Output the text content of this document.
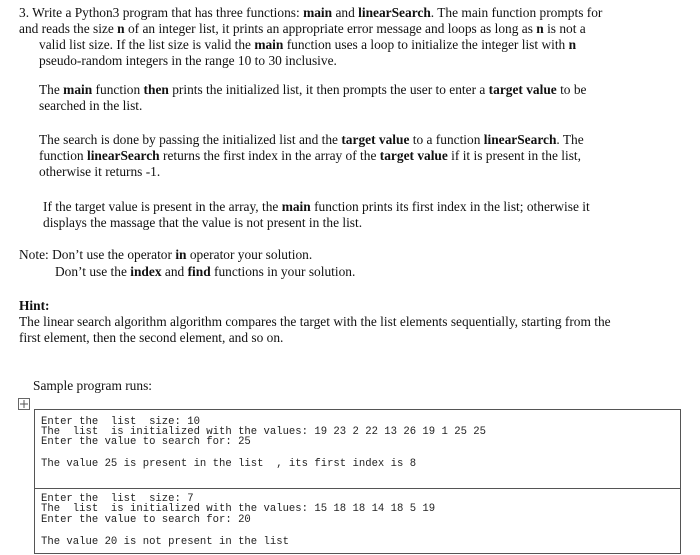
3. Write a Python3 program that has three functions: main and linearSearch. The main function prompts for
and reads the size n of an integer list, it prints an appropriate error message and loops as long as n is not a
valid list size. If the list size is valid the main function uses a loop to initialize the integer list with n
pseudo-random integers in the range 10 to 30 inclusive.
The main function then prints the initialized list, it then prompts the user to enter a target value to be
searched in the list.
The search is done by passing the initialized list and the target value to a function linearSearch. The
function linearSearch returns the first index in the array of the target value if it is present in the list,
otherwise it returns -1.
If the target value is present in the array, the main function prints its first index in the list; otherwise it
displays the massage that the value is not present in the list.
Note: Don’t use the operator in operator your solution.
Don’t use the index and find functions in your solution.
Hint:
The linear search algorithm algorithm compares the target with the list elements sequentially, starting from the
first element, then the second element, and so on.
Sample program runs:
Enter the  list  size: 10
The  list  is initialized with the values: 19 23 2 22 13 26 19 1 25 25
Enter the value to search for: 25
The value 25 is present in the list  , its first index is 8
Enter the  list  size: 7
The  list  is initialized with the values: 15 18 18 14 18 5 19
Enter the value to search for: 20
The value 20 is not present in the list
